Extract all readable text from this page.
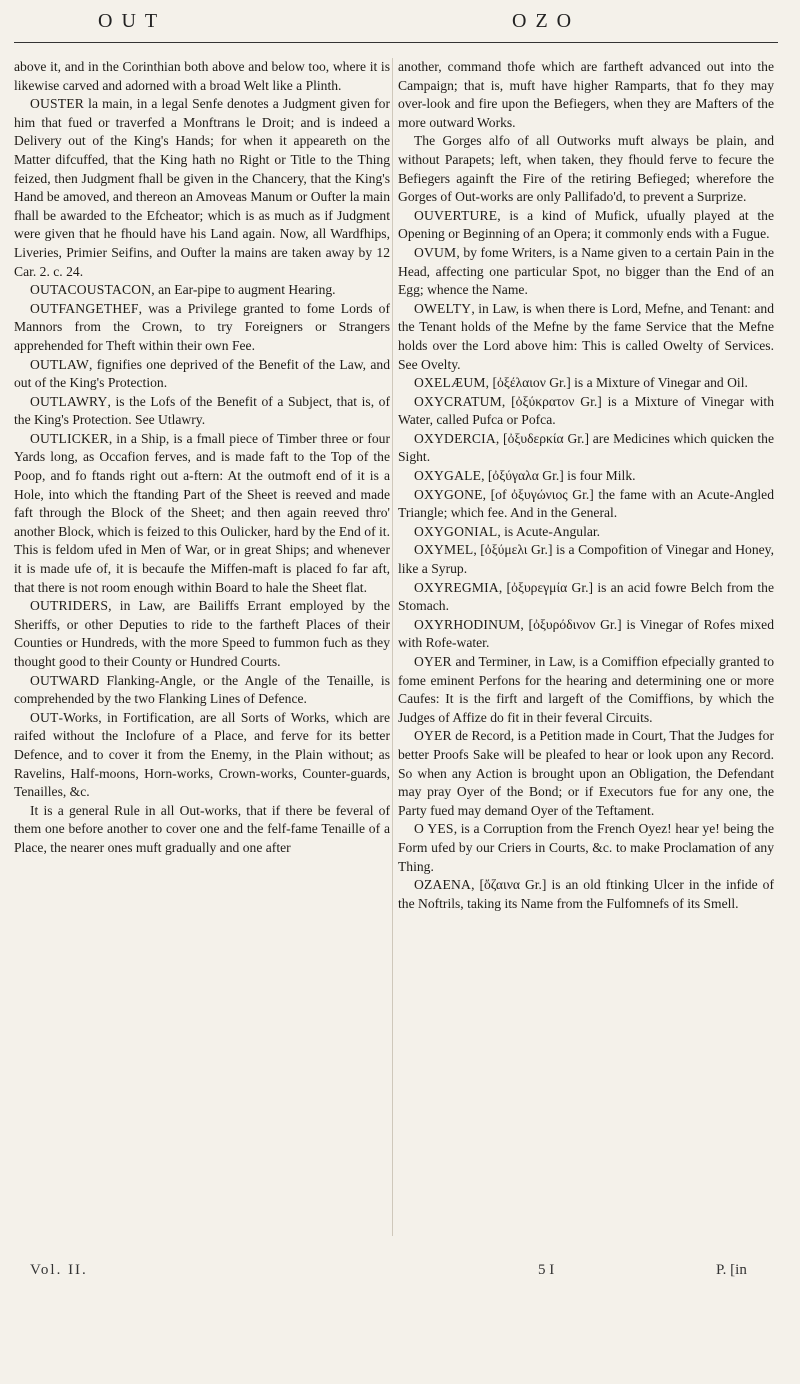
OUT	OZO

above it, and in the Corinthian both above and below too, where it is likewise carved and adorned with a broad Welt like a Plinth.

OUSTER la main, in a legal Senfe denotes a Judgment given for him that fued or traverfed a Monftrans le Droit; and is indeed a Delivery out of the King's Hands; for when it appeareth on the Matter difcuffed, that the King hath no Right or Title to the Thing feized, then Judgment fhall be given in the Chancery, that the King's Hand be amoved, and thereon an Amoveas Manum or Oufter la main fhall be awarded to the Efcheator; which is as much as if Judgment were given that he fhould have his Land again. Now, all Wardfhips, Liveries, Primier Seifins, and Oufter la mains are taken away by 12 Car. 2. c. 24.

OUTACOUSTACON, an Ear-pipe to augment Hearing.

OUTFANGETHEF, was a Privilege granted to fome Lords of Mannors from the Crown, to try Foreigners or Strangers apprehended for Theft within their own Fee.

OUTLAW, fignifies one deprived of the Benefit of the Law, and out of the King's Protection.

OUTLAWRY, is the Lofs of the Benefit of a Subject, that is, of the King's Protection. See Utlawry.

OUTLICKER, in a Ship, is a fmall piece of Timber three or four Yards long, as Occafion ferves, and is made faft to the Top of the Poop, and fo ftands right out a-ftern: At the outmoft end of it is a Hole, into which the ftanding Part of the Sheet is reeved and made faft through the Block of the Sheet; and then again reeved thro' another Block, which is feized to this Oulicker, hard by the End of it. This is feldom ufed in Men of War, or in great Ships; and whenever it is made ufe of, it is becaufe the Miffen-maft is placed fo far aft, that there is not room enough within Board to hale the Sheet flat.

OUTRIDERS, in Law, are Bailiffs Errant employed by the Sheriffs, or other Deputies to ride to the fartheft Places of their Counties or Hundreds, with the more Speed to fummon fuch as they thought good to their County or Hundred Courts.

OUTWARD Flanking-Angle, or the Angle of the Tenaille, is comprehended by the two Flanking Lines of Defence.

OUT-Works, in Fortification, are all Sorts of Works, which are raifed without the Inclofure of a Place, and ferve for its better Defence, and to cover it from the Enemy, in the Plain without; as Ravelins, Half-moons, Horn-works, Crown-works, Counter-guards, Tenailles, &c.

It is a general Rule in all Out-works, that if there be feveral of them one before another to cover one and the felf-fame Tenaille of a Place, the nearer ones muft gradually and one after

another, command thofe which are fartheft advanced out into the Campaign; that is, muft have higher Ramparts, that fo they may over-look and fire upon the Befiegers, when they are Mafters of the more outward Works.

The Gorges alfo of all Outworks muft always be plain, and without Parapets; left, when taken, they fhould ferve to fecure the Befiegers againft the Fire of the retiring Befieged; wherefore the Gorges of Out-works are only Pallifado'd, to prevent a Surprize.

OUVERTURE, is a kind of Mufick, ufually played at the Opening or Beginning of an Opera; it commonly ends with a Fugue.

OVUM, by fome Writers, is a Name given to a certain Pain in the Head, affecting one particular Spot, no bigger than the End of an Egg; whence the Name.

OWELTY, in Law, is when there is Lord, Mefne, and Tenant: and the Tenant holds of the Mefne by the fame Service that the Mefne holds over the Lord above him: This is called Owelty of Services. See Ovelty.

OXELÆUM, [ὀξέλαιον Gr.] is a Mixture of Vinegar and Oil.

OXYCRATUM, [ὀξύκρατον Gr.] is a Mixture of Vinegar with Water, called Pufca or Pofca.

OXYDERCIA, [ὀξυδερκία Gr.] are Medicines which quicken the Sight.

OXYGALE, [ὀξύγαλα Gr.] is four Milk.

OXYGONE, [of ὀξυγώνιος Gr.] the fame with an Acute-Angled Triangle; which fee. And in the General.

OXYGONIAL, is Acute-Angular.

OXYMEL, [ὀξύμελι Gr.] is a Compofition of Vinegar and Honey, like a Syrup.

OXYREGMIA, [ὀξυρεγμία Gr.] is an acid fowre Belch from the Stomach.

OXYRHODINUM, [ὀξυρόδινον Gr.] is Vinegar of Rofes mixed with Rofe-water.

OYER and Terminer, in Law, is a Comiffion efpecially granted to fome eminent Perfons for the hearing and determining one or more Caufes: It is the firft and largeft of the Comiffions, by which the Judges of Affize do fit in their feveral Circuits.

OYER de Record, is a Petition made in Court, That the Judges for better Proofs Sake will be pleafed to hear or look upon any Record. So when any Action is brought upon an Obligation, the Defendant may pray Oyer of the Bond; or if Executors fue for any one, the Party fued may demand Oyer of the Teftament.

O YES, is a Corruption from the French Oyez! hear ye! being the Form ufed by our Criers in Courts, &c. to make Proclamation of any Thing.

OZAENA, [ὄζαινα Gr.] is an old ftinking Ulcer in the infide of the Noftrils, taking its Name from the Fulfomnefs of its Smell.

Vol. II.	5 I	P. [in
